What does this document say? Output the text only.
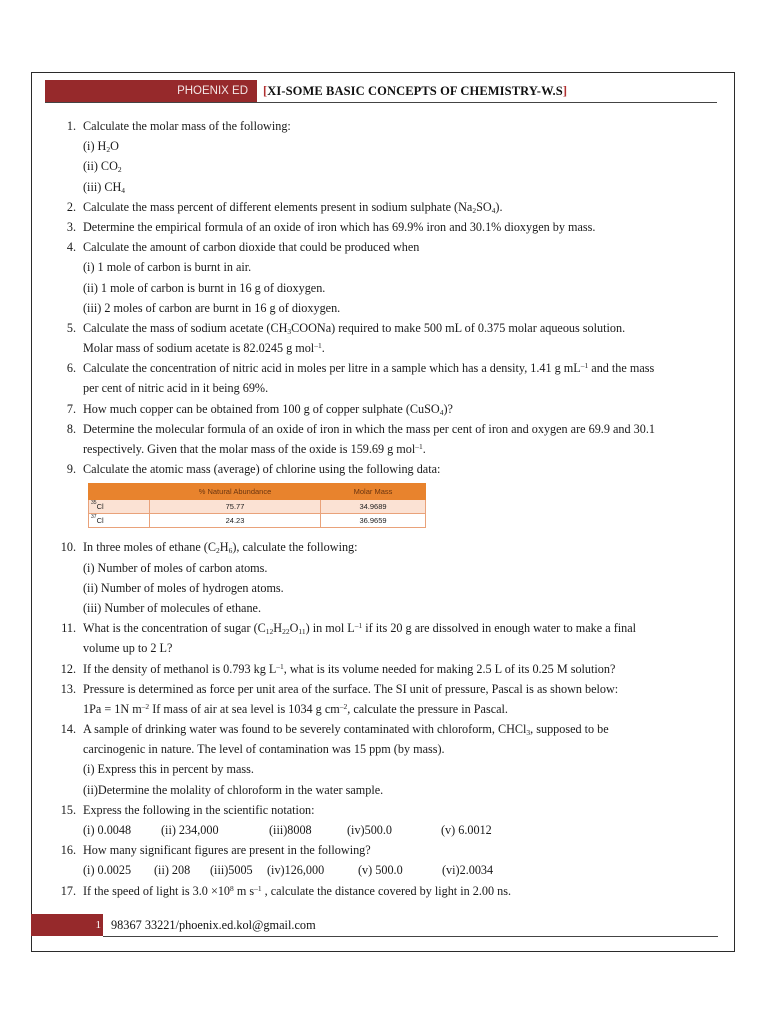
PHOENIX ED	[XI-SOME BASIC CONCEPTS OF CHEMISTRY-W.S]
1. Calculate the molar mass of the following:
(i) $H_2O$
(ii) $CO_2$
(iii) $CH_4$
2. Calculate the mass percent of different elements present in sodium sulphate $(Na_2SO_4)$.
3. Determine the empirical formula of an oxide of iron which has 69.9% iron and 30.1% dioxygen by mass.
4. Calculate the amount of carbon dioxide that could be produced when
(i) 1 mole of carbon is burnt in air.
(ii) 1 mole of carbon is burnt in 16 g of dioxygen.
(iii) 2 moles of carbon are burnt in 16 g of dioxygen.
5. Calculate the mass of sodium acetate $(CH_3COONa)$ required to make 500 mL of 0.375 molar aqueous solution.
Molar mass of sodium acetate is 82.0245 g mol$^{-1}$.
6. Calculate the concentration of nitric acid in moles per litre in a sample which has a density, 1.41 g $mL^{-1}$ and the mass
per cent of nitric acid in it being 69%.
7. How much copper can be obtained from 100 g of copper sulphate (CuSO$_4$)?
8. Determine the molecular formula of an oxide of iron in which the mass per cent of iron and oxygen are 69.9 and 30.1
respectively. Given that the molar mass of the oxide is 159.69 g mol$^{-1}$.
9. Calculate the atomic mass (average) of chlorine using the following data:
	% Natural Abundance	Molar Mass
$^{35}$Cl	75.77	34.9689
$^{37}$Cl	24.23	36.9659
10. In three moles of ethane $(C_2H_6)$, calculate the following:
(i) Number of moles of carbon atoms.
(ii) Number of moles of hydrogen atoms.
(iii) Number of molecules of ethane.
11. What is the concentration of sugar $(C_{12}H_{22}O_{11})$ in mol $L^{-1}$ if its 20 g are dissolved in enough water to make a final
volume up to 2 L?
12. If the density of methanol is 0.793 kg $L^{-1}$, what is its volume needed for making 2.5 L of its 0.25 M solution?
13. Pressure is determined as force per unit area of the surface. The SI unit of pressure, Pascal is as shown below:
1Pa = 1N $m^{-2}$ If mass of air at sea level is 1034 g $cm^{-2}$, calculate the pressure in Pascal.
14. A sample of drinking water was found to be severely contaminated with chloroform, CHCl$_3$, supposed to be
carcinogenic in nature. The level of contamination was 15 ppm (by mass).
(i) Express this in percent by mass.
(ii)Determine the molality of chloroform in the water sample.
15. Express the following in the scientific notation:
(i) 0.0048 (ii) 234,000	(iii)8008	(iv)500.0	(v) 6.0012
16. How many significant figures are present in the following?
(i) 0.0025 (ii) 208 (iii)5005 (iv)126,000	(v) 500.0	(vi)2.0034
17. If the speed of light is $3.0 \times 10^8$ m $s^{-1}$ , calculate the distance covered by light in 2.00 ns.
1 98367 33221/phoenix.ed.kol@gmail.com
